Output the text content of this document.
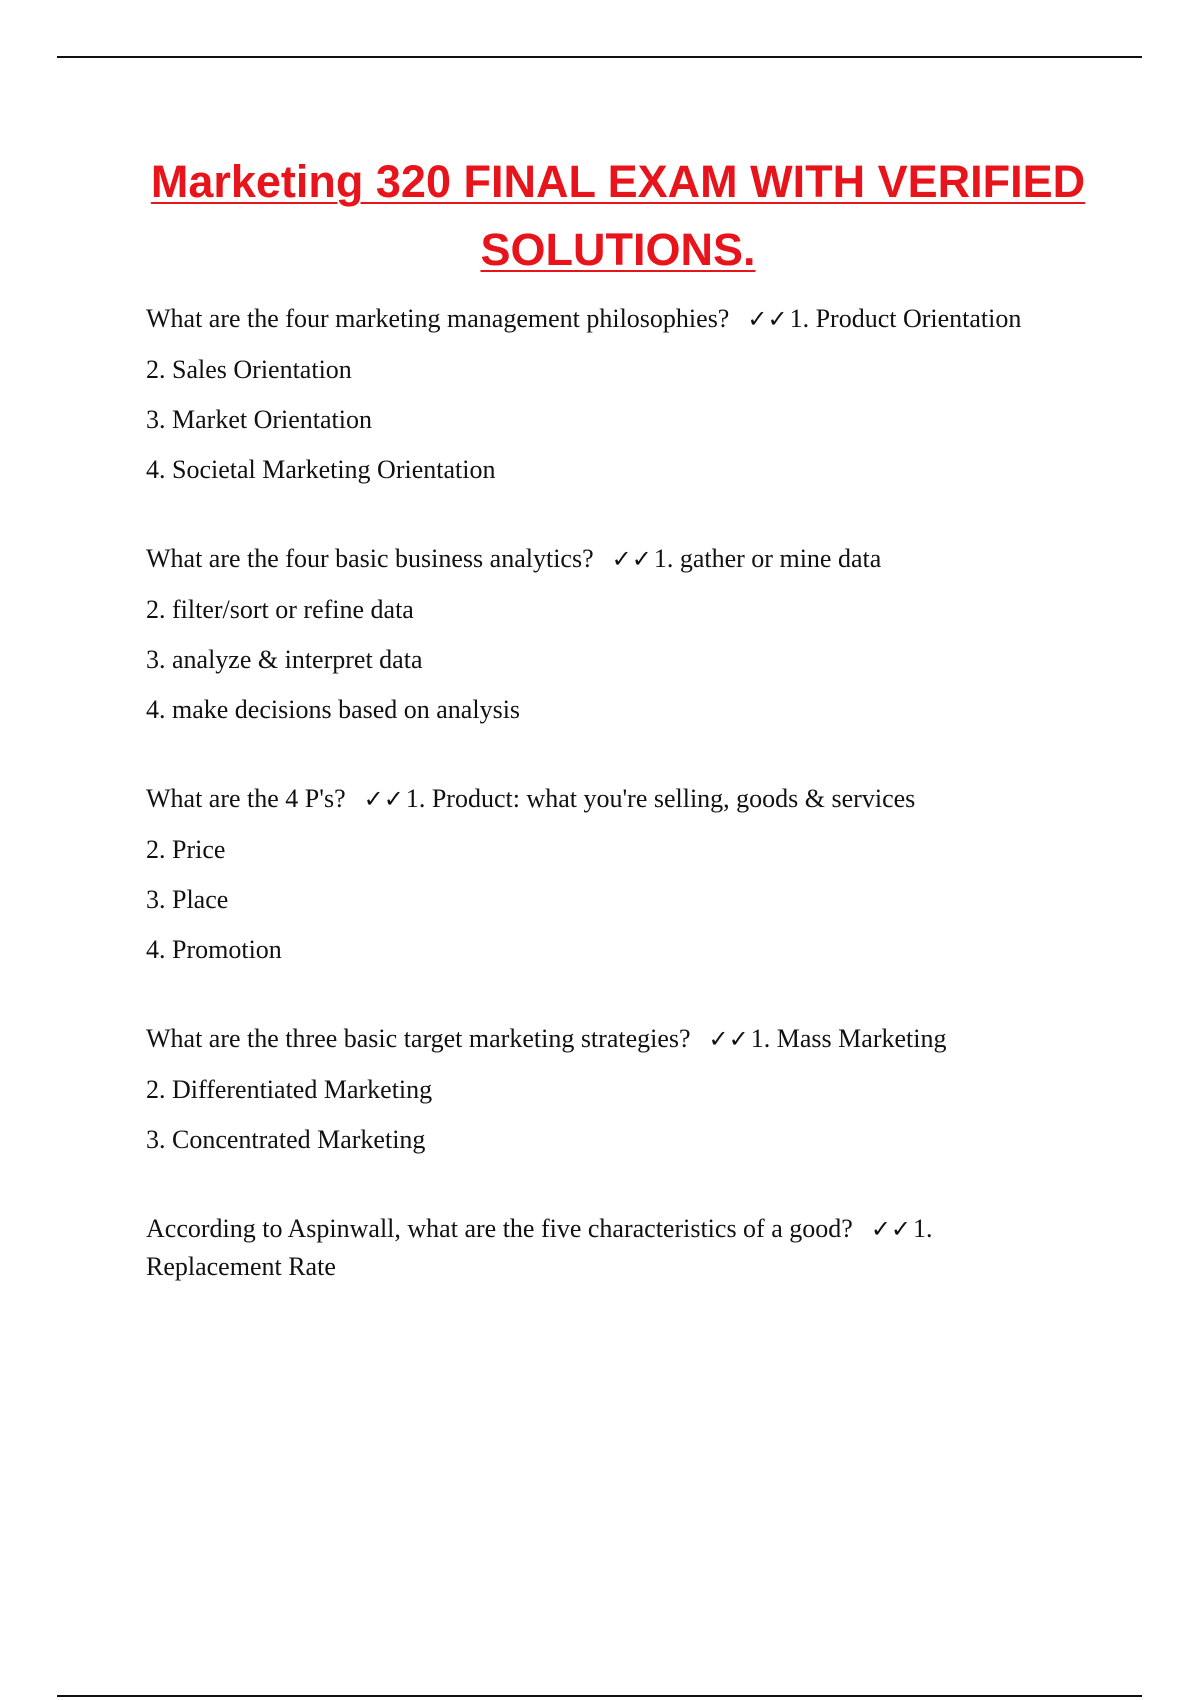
Marketing 320 FINAL EXAM WITH VERIFIED
SOLUTIONS.

What are the four marketing management philosophies? ✓✓1. Product Orientation

2. Sales Orientation

3. Market Orientation

4. Societal Marketing Orientation

What are the four basic business analytics? ✓✓1. gather or mine data

2. filter/sort or refine data

3. analyze & interpret data

4. make decisions based on analysis

What are the 4 P's? ✓✓1. Product: what you're selling, goods & services

2. Price

3. Place

4. Promotion

What are the three basic target marketing strategies? ✓✓1. Mass Marketing

2. Differentiated Marketing

3. Concentrated Marketing

According to Aspinwall, what are the five characteristics of a good? ✓✓1. Replacement Rate
